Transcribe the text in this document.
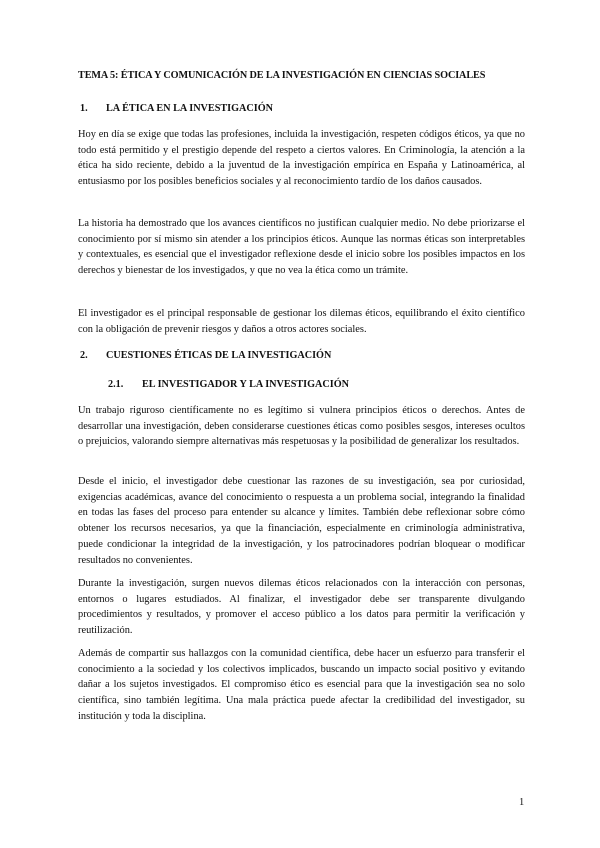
TEMA 5: ÉTICA Y COMUNICACIÓN DE LA INVESTIGACIÓN EN CIENCIAS SOCIALES
1. LA ÉTICA EN LA INVESTIGACIÓN

Hoy en día se exige que todas las profesiones, incluida la investigación, respeten códigos éticos, ya que no todo está permitido y el prestigio depende del respeto a ciertos valores. En Criminología, la atención a la ética ha sido reciente, debido a la juventud de la investigación empírica en España y Latinoamérica, al entusiasmo por los posibles beneficios sociales y al reconocimiento tardío de los daños causados.

La historia ha demostrado que los avances científicos no justifican cualquier medio. No debe priorizarse el conocimiento por sí mismo sin atender a los principios éticos. Aunque las normas éticas son interpretables y contextuales, es esencial que el investigador reflexione desde el inicio sobre los posibles impactos en los derechos y bienestar de los investigados, y que no vea la ética como un trámite.

El investigador es el principal responsable de gestionar los dilemas éticos, equilibrando el éxito científico con la obligación de prevenir riesgos y daños a otros actores sociales.

2. CUESTIONES ÉTICAS DE LA INVESTIGACIÓN
2.1. EL INVESTIGADOR Y LA INVESTIGACIÓN

Un trabajo riguroso científicamente no es legítimo si vulnera principios éticos o derechos. Antes de desarrollar una investigación, deben considerarse cuestiones éticas como posibles sesgos, intereses ocultos o prejuicios, valorando siempre alternativas más respetuosas y la posibilidad de generalizar los resultados.

Desde el inicio, el investigador debe cuestionar las razones de su investigación, sea por curiosidad, exigencias académicas, avance del conocimiento o respuesta a un problema social, integrando la finalidad en todas las fases del proceso para entender su alcance y límites. También debe reflexionar sobre cómo obtener los recursos necesarios, ya que la financiación, especialmente en criminología administrativa, puede condicionar la integridad de la investigación, y los patrocinadores podrían bloquear o modificar resultados no convenientes.

Durante la investigación, surgen nuevos dilemas éticos relacionados con la interacción con personas, entornos o lugares estudiados. Al finalizar, el investigador debe ser transparente divulgando procedimientos y resultados, y promover el acceso público a los datos para permitir la verificación y reutilización.

Además de compartir sus hallazgos con la comunidad científica, debe hacer un esfuerzo para transferir el conocimiento a la sociedad y los colectivos implicados, buscando un impacto social positivo y evitando dañar a los sujetos investigados. El compromiso ético es esencial para que la investigación sea no solo científica, sino también legítima. Una mala práctica puede afectar la credibilidad del investigador, su institución y toda la disciplina.

1
